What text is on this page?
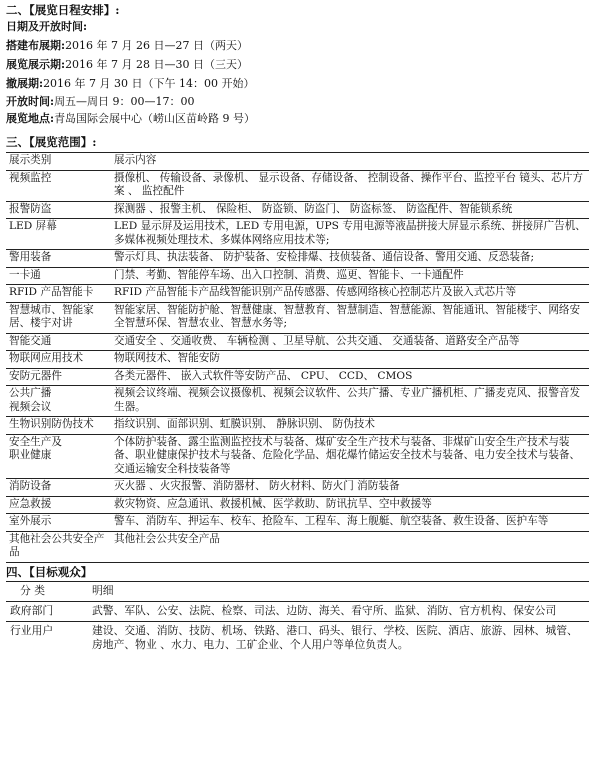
二、【展览日程安排】:
日期及开放时间:
搭建布展期:2016 年 7 月 26 日—27 日（两天）
展览展示期:2016 年 7 月 28 日—30 日（三天）
撤展期:2016 年 7 月 30 日（下午 14：00 开始）
开放时间:周五—周日 9：00—17：00
展览地点:青岛国际会展中心（崂山区苗岭路 9 号）
三、【展览范围】:
展示类别	展示内容
视频监控	摄像机、 传输设备、录像机、 显示设备、存储设备、 控制设备、操作平台、监控平台 镜头、芯片方案 、 监控配件
报警防盗	探测器 、报警主机、 保险柜、 防盗锁、防盗门、 防盗标签、 防盗配件、智能锁系统
LED 屏幕	LED 显示屏及运用技术，LED 专用电源，UPS 专用电源等液晶拼接大屏显示系统、拼接屏广告机、多媒体视频处理技术、多媒体网络应用技术等;
警用装备	警示灯具、执法装备、 防护装备、安检排爆、技侦装备、通信设备、警用交通、反恐装备;
一卡通	门禁、考勤、智能停车场、出入口控制、消费、巡更、智能卡、一卡通配件
RFID 产品智能卡	RFID 产品智能卡产品线智能识别产品传感器、传感网络核心控制芯片及嵌入式芯片等
智慧城市、智能家居、楼宇对讲	智能家居、智能防护舱、智慧健康、智慧教育、智慧制造、智慧能源、智能通讯、智能楼宇、网络安全智慧环保、智慧农业、智慧水务等;
智能交通	交通安全 、交通收费、 车辆检测 、卫星导航、公共交通、 交通装备、道路安全产品等
物联网应用技术	物联网技术、智能安防
安防元器件	各类元器件、 嵌入式软件等安防产品、 CPU、 CCD、 CMOS
公共广播
视频会议	视频会议终端、视频会议摄像机、视频会议软件、公共广播、专业广播机柜、广播麦克风、报警音发生器。
生物识别防伪技术	指纹识别、面部识别、虹膜识别、 静脉识别、 防伪技术
安全生产及
职业健康	个体防护装备、露尘监测监控技术与装备、煤矿安全生产技术与装备、非煤矿山安全生产技术与装备、职业健康保护技术与装备、危险化学品、烟花爆竹储运安全技术与装备、电力安全技术与装备、交通运输安全科技装备等
消防设备	灭火器 、火灾报警、消防器材、 防火材料、防火门 消防装备
应急救援	救灾物资、应急通讯、救援机械、医学救助、防讯抗旱、空中救援等
室外展示	警车、消防车、押运车、校车、抢险车、工程车、海上舰艇、航空装备、救生设备、医护车等
其他社会公共安全产品	其他社会公共安全产品
四、【目标观众】
分 类	明细
政府部门	武警、军队、公安、法院、检察、司法、边防、海关、看守所、监狱、消防、官方机构、保安公司
行业用户	建设、交通、消防、技防、机场、铁路、港口、码头、银行、学校、医院、酒店、旅游、园林、城管、房地产、物业 、水力、电力、工矿企业、个人用户等单位负责人。
